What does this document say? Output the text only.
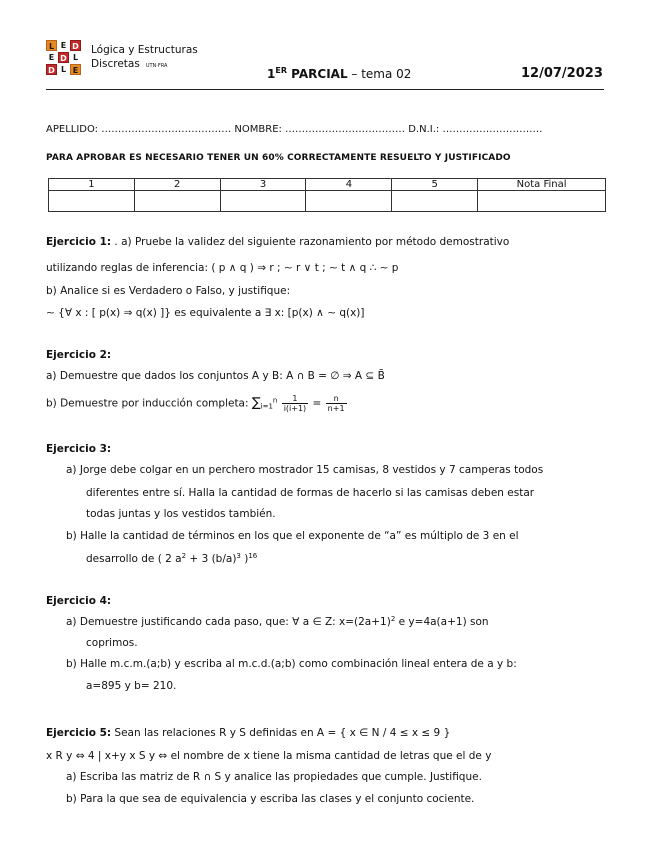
L E D
E D L
D L E
Lógica y Estructuras
Discretas UTN·FRA
1ER PARCIAL – tema 02	12/07/2023
APELLIDO: ………………………………… NOMBRE: ……………………………… D.N.I.: …………………………
PARA APROBAR ES NECESARIO TENER UN 60% CORRECTAMENTE RESUELTO Y JUSTIFICADO
1	2	3	4	5	Nota Final

Ejercicio 1: . a) Pruebe la validez del siguiente razonamiento por método demostrativo
utilizando reglas de inferencia: ( p ∧ q ) ⇒ r ; ∼ r ∨ t ; ∼ t ∧ q ∴ ∼ p
b) Analice si es Verdadero o Falso, y justifique:
∼ {∀ x : [ p(x) ⇒ q(x) ]} es equivalente a ∃ x: [p(x) ∧ ∼ q(x)]
Ejercicio 2:
a) Demuestre que dados los conjuntos A y B: A ∩ B = ∅ ⇒ A ⊆ B̄
b) Demuestre por inducción completa: $\sum_{i=1}^n \frac{1}{i(i+1)} = \frac{n}{n+1}$
Ejercicio 3:
a) Jorge debe colgar en un perchero mostrador 15 camisas, 8 vestidos y 7 camperas todos
diferentes entre sí. Halla la cantidad de formas de hacerlo si las camisas deben estar
todas juntas y los vestidos también.
b) Halle la cantidad de términos en los que el exponente de “a” es múltiplo de 3 en el
desarrollo de ( 2 $a^2 + 3$ $(b/a)^3$ )$^{16}$
Ejercicio 4:
a) Demuestre justificando cada paso, que: ∀ a ∈ Z: $x=(2a+1)^2$ e y=4a(a+1) son
coprimos.
b) Halle m.c.m.(a;b) y escriba al m.c.d.(a;b) como combinación lineal entera de a y b:
a=895 y b= 210.
Ejercicio 5: Sean las relaciones R y S definidas en A = { x ∈ N / 4 ≤ x ≤ 9 }
x R y ⇔ 4 | x+y x S y ⇔ el nombre de x tiene la misma cantidad de letras que el de y
a) Escriba las matriz de R ∩ S y analice las propiedades que cumple. Justifique.
b) Para la que sea de equivalencia y escriba las clases y el conjunto cociente.
